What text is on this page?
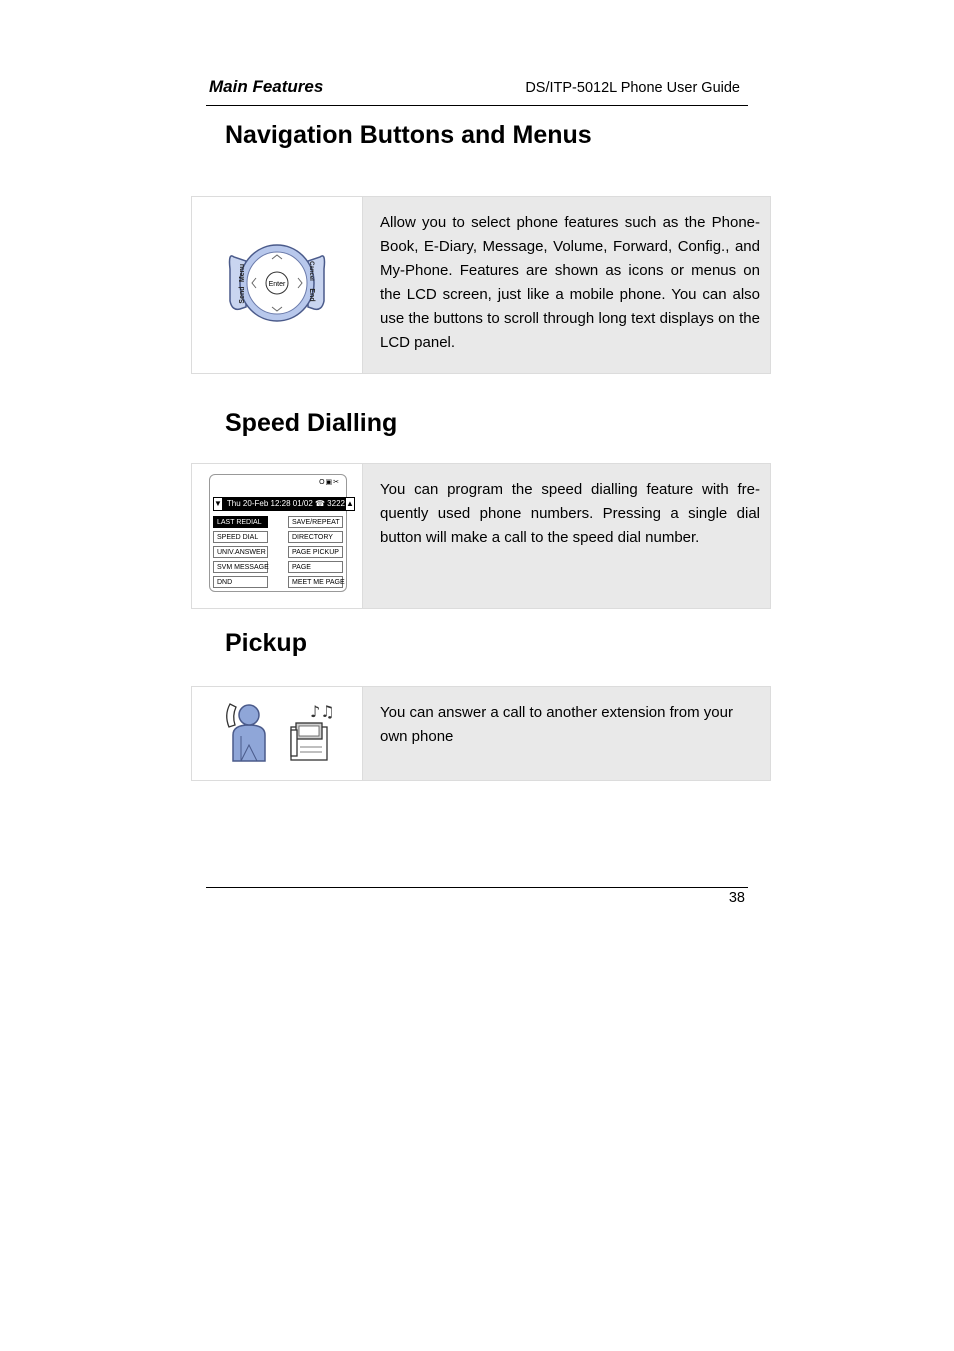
Main Features	DS/ITP-5012L Phone User Guide
Navigation Buttons and Menus
Enter
Menu
Send
Cancel
End
Allow you to select phone features such as the Phone-Book, E-Diary, Message, Volume, Forward, Config., and My-Phone. Features are shown as icons or menus on the LCD screen, just like a mobile phone. You can also use the buttons to scroll through long text displays on the LCD panel.
Speed Dialling
O▣✂
▼ Thu 20-Feb 12:28 01/02 ☎ 3222 ▲
LAST REDIAL	SAVE/REPEAT
SPEED DIAL	DIRECTORY
UNIV.ANSWER	PAGE PICKUP
SVM MESSAGE	PAGE
DND	MEET ME PAGE
You can program the speed dialling feature with fre-quently used phone numbers. Pressing a single dial button will make a call to the speed dial number.
Pickup
♪♫	You can answer a call to another extension from your own phone
38
